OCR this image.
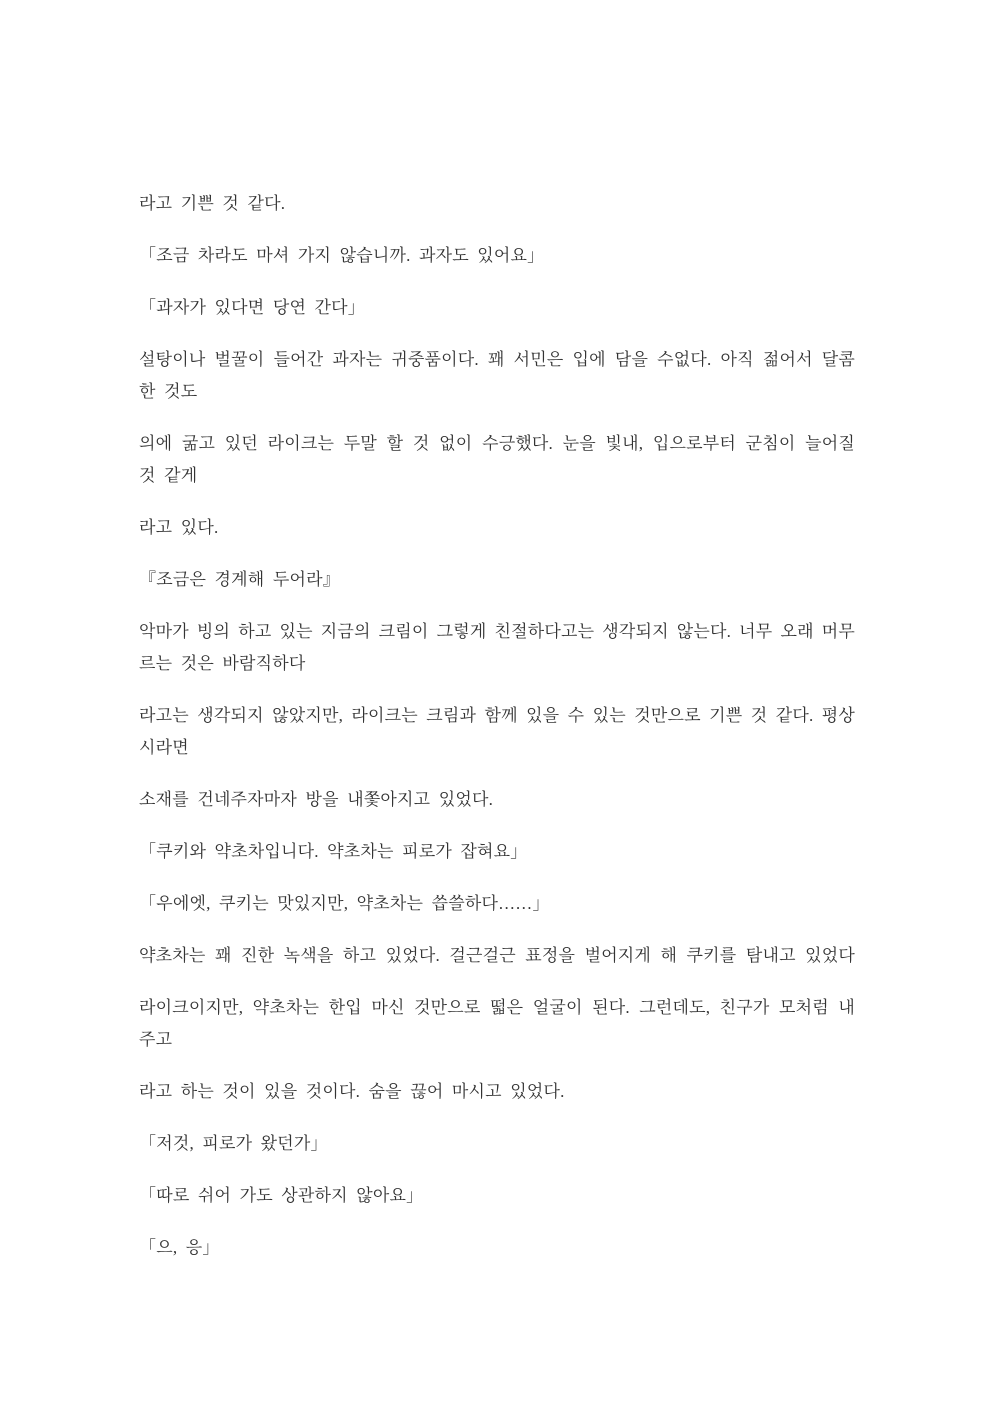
라고 기쁜 것 같다.
「조금 차라도 마셔 가지 않습니까. 과자도 있어요」
「과자가 있다면 당연 간다」
설탕이나 벌꿀이 들어간 과자는 귀중품이다. 꽤 서민은 입에 담을 수없다. 아직 젊어서 달콤
한 것도
의에 굶고 있던 라이크는 두말 할 것 없이 수긍했다. 눈을 빛내, 입으로부터 군침이 늘어질
것 같게
라고 있다.
『조금은 경계해 두어라』
악마가 빙의 하고 있는 지금의 크림이 그렇게 친절하다고는 생각되지 않는다. 너무 오래 머무
르는 것은 바람직하다
라고는 생각되지 않았지만, 라이크는 크림과 함께 있을 수 있는 것만으로 기쁜 것 같다. 평상
시라면
소재를 건네주자마자 방을 내쫓아지고 있었다.
「쿠키와 약초차입니다. 약초차는 피로가 잡혀요」
「우에엣, 쿠키는 맛있지만, 약초차는 씁쓸하다……」
약초차는 꽤 진한 녹색을 하고 있었다. 걸근걸근 표정을 벌어지게 해 쿠키를 탐내고 있었다
라이크이지만, 약초차는 한입 마신 것만으로 떫은 얼굴이 된다. 그런데도, 친구가 모처럼 내
주고
라고 하는 것이 있을 것이다. 숨을 끊어 마시고 있었다.
「저것, 피로가 왔던가」
「따로 쉬어 가도 상관하지 않아요」
「으, 응」
